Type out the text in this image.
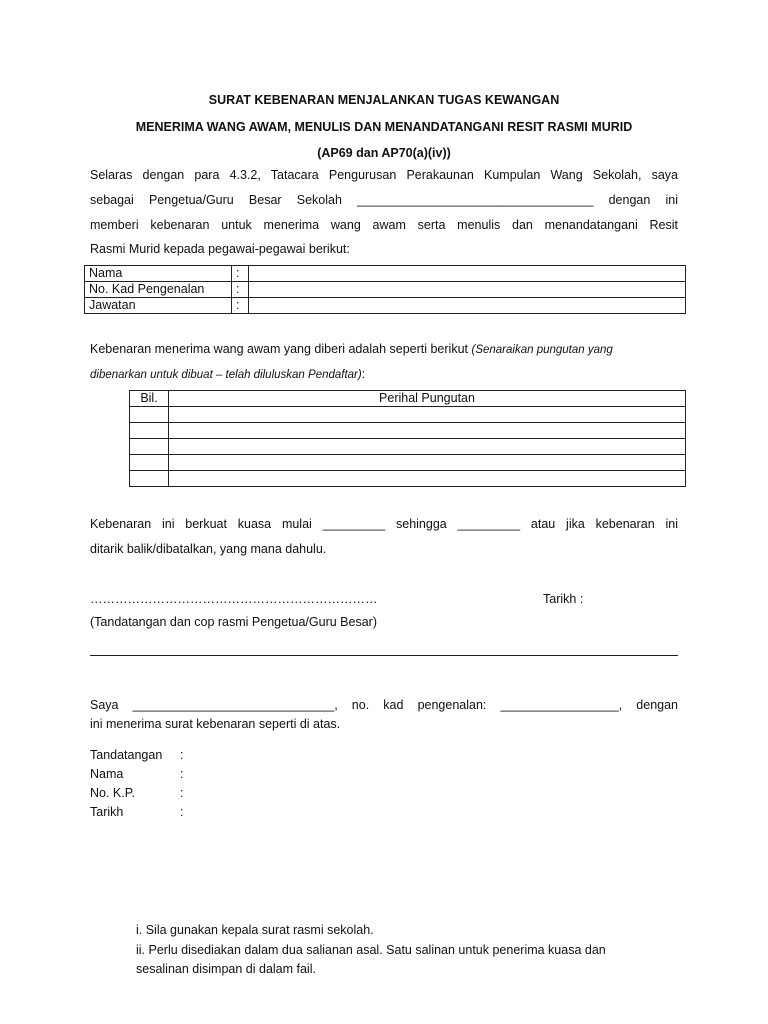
SURAT KEBENARAN MENJALANKAN TUGAS KEWANGAN
MENERIMA WANG AWAM, MENULIS DAN MENANDATANGANI RESIT RASMI MURID
(AP69 dan AP70(a)(iv))
Selaras dengan para 4.3.2, Tatacara Pengurusan Perakaunan Kumpulan Wang Sekolah, saya
sebagai Pengetua/Guru Besar Sekolah __________________________________ dengan ini
memberi kebenaran untuk menerima wang awam serta menulis dan menandatangani Resit
Rasmi Murid kepada pegawai-pegawai berikut:
Nama	:	
No. Kad Pengenalan	:	
Jawatan	:	
Kebenaran menerima wang awam yang diberi adalah seperti berikut (Senaraikan pungutan yang
dibenarkan untuk dibuat – telah diluluskan Pendaftar):
Bil.	Perihal Pungutan

Kebenaran ini berkuat kuasa mulai _________ sehingga _________ atau jika kebenaran ini
ditarik balik/dibatalkan, yang mana dahulu.
……………………………………………………………	Tarikh :
(Tandatangan dan cop rasmi Pengetua/Guru Besar)
Saya _____________________________, no. kad pengenalan: _________________, dengan
ini menerima surat kebenaran seperti di atas.
Tandatangan :
Nama	:
No. K.P.	:
Tarikh	:
i. Sila gunakan kepala surat rasmi sekolah.
ii. Perlu disediakan dalam dua salianan asal. Satu salinan untuk penerima kuasa dan
sesalinan disimpan di dalam fail.
